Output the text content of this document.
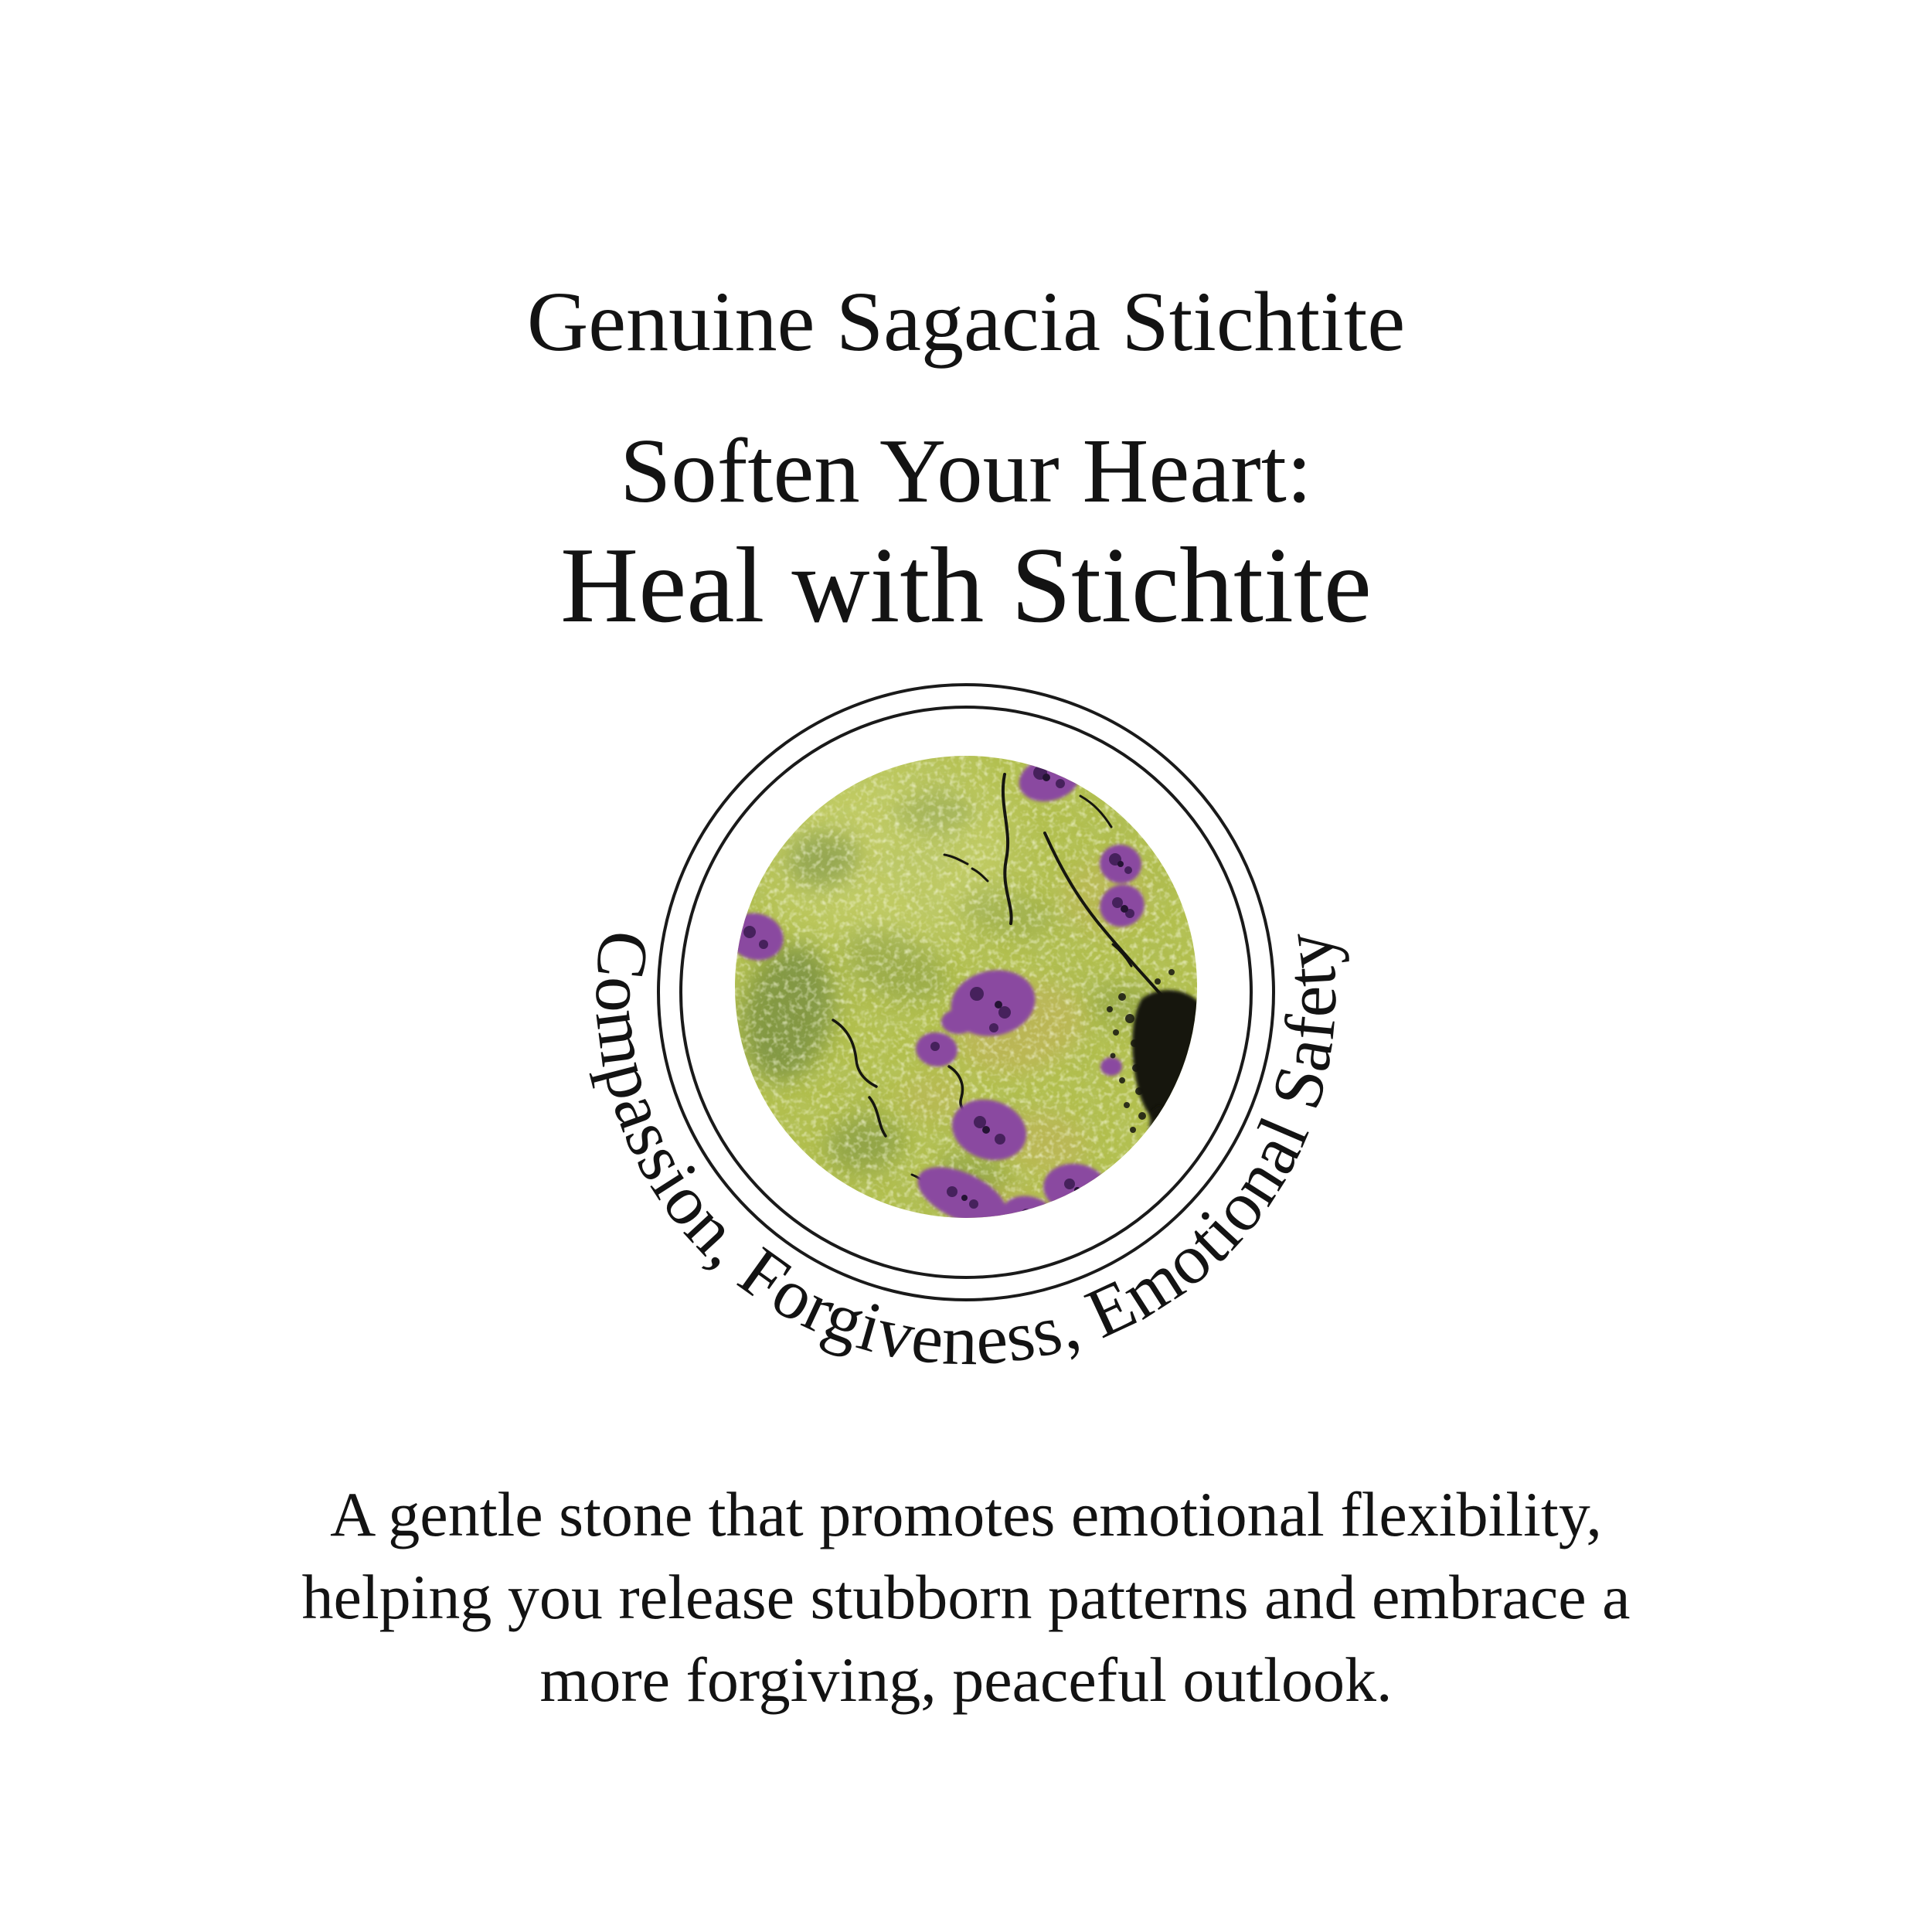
Genuine Sagacia Stichtite
Soften Your Heart:
Heal with Stichtite
Compassion, Forgiveness, Emotional Safety
A gentle stone that promotes emotional flexibility,
helping you release stubborn patterns and embrace a
more forgiving, peaceful outlook.
